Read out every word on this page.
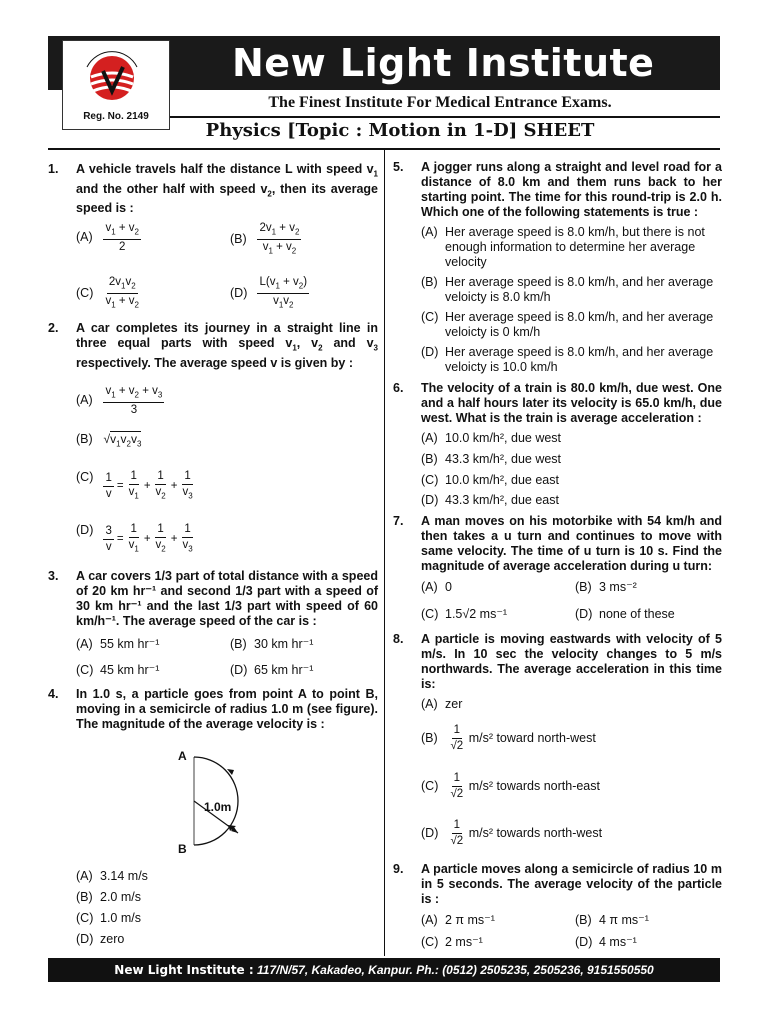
New Light Institute
Reg. No. 2149
The Finest Institute For Medical Entrance Exams.
Physics [Topic : Motion in 1-D] SHEET
1. A vehicle travels half the distance L with speed $v_1$ and the other half with speed $v_2$, then its average speed is :
$(A) \frac{v_1 + v_2}{2}$	$(B) \frac{2v_1 + v_2}{v_1 + v_2}$
$(C) \frac{2v_1v_2}{v_1 + v_2}$	$(D) \frac{L(v_1 + v_2)}{v_1v_2}$
2. A car completes its journey in a straight line in three equal parts with speed $v_1$, $v_2$ and $v_3$ respectively. The average speed v is given by :
$(A) \frac{v_1 + v_2 + v_3}{3}$
(B) $√v_1v_2v_3$
$(C) \frac{1}{v} = \frac{1}{v_1} + \frac{1}{v_2} + \frac{1}{v_3}$
$(D) \frac{3}{v} = \frac{1}{v_1} + \frac{1}{v_2} + \frac{1}{v_3}$
3. A car covers 1/3 part of total distance with a speed of 20 km hr⁻¹ and second 1/3 part with a speed of 30 km hr⁻¹ and the last 1/3 part with speed of 60 km/h⁻¹. The average speed of the car is :
(A) 55 km hr⁻¹	(B) 30 km hr⁻¹
(C) 45 km hr⁻¹	(D) 65 km hr⁻¹
4. In 1.0 s, a particle goes from point A to point B, moving in a semicircle of radius 1.0 m (see figure). The magnitude of the average velocity is :
A
B
1.0m
(A) 3.14 m/s
(B) 2.0 m/s
(C) 1.0 m/s
(D) zero
5. A jogger runs along a straight and level road for a distance of 8.0 km and them runs back to her starting point. The time for this round-trip is 2.0 h. Which one of the following statements is true :
(A) Her average speed is 8.0 km/h, but there is not enough information to determine her average velocity
(B) Her average speed is 8.0 km/h, and her average veloicty is 8.0 km/h
(C) Her average speed is 8.0 km/h, and her average veloicty is 0 km/h
(D) Her average speed is 8.0 km/h, and her average veloicty is 10.0 km/h
6. The velocity of a train is 80.0 km/h, due west. One and a half hours later its velocity is 65.0 km/h, due west. What is the train is average acceleration :
(A) 10.0 km/h², due west
(B) 43.3 km/h², due west
(C) 10.0 km/h², due east
(D) 43.3 km/h², due east
7. A man moves on his motorbike with 54 km/h and then takes a u turn and continues to move with same velocity. The time of u turn is 10 s. Find the magnitude of average acceleration during u turn:
(A) 0	(B) 3 ms⁻²
(C) 1.5√2 ms⁻¹	(D) none of these
8. A particle is moving eastwards with velocity of 5 m/s. In 10 sec the velocity changes to 5 m/s northwards. The average acceleration in this time is:
(A) zer
$(B) \frac{1}{√2} m/s^2$ toward north-west
$(C) \frac{1}{√2} m/s^2$ towards north-east
$(D) \frac{1}{√2} m/s^2$ towards north-west
9. A particle moves along a semicircle of radius 10 m in 5 seconds. The average velocity of the particle is :
(A) 2 π ms⁻¹	(B) 4 π ms⁻¹
(C) 2 ms⁻¹	(D) 4 ms⁻¹
New Light Institute : 117/N/57, Kakadeo, Kanpur. Ph.: (0512) 2505235, 2505236, 9151550550
